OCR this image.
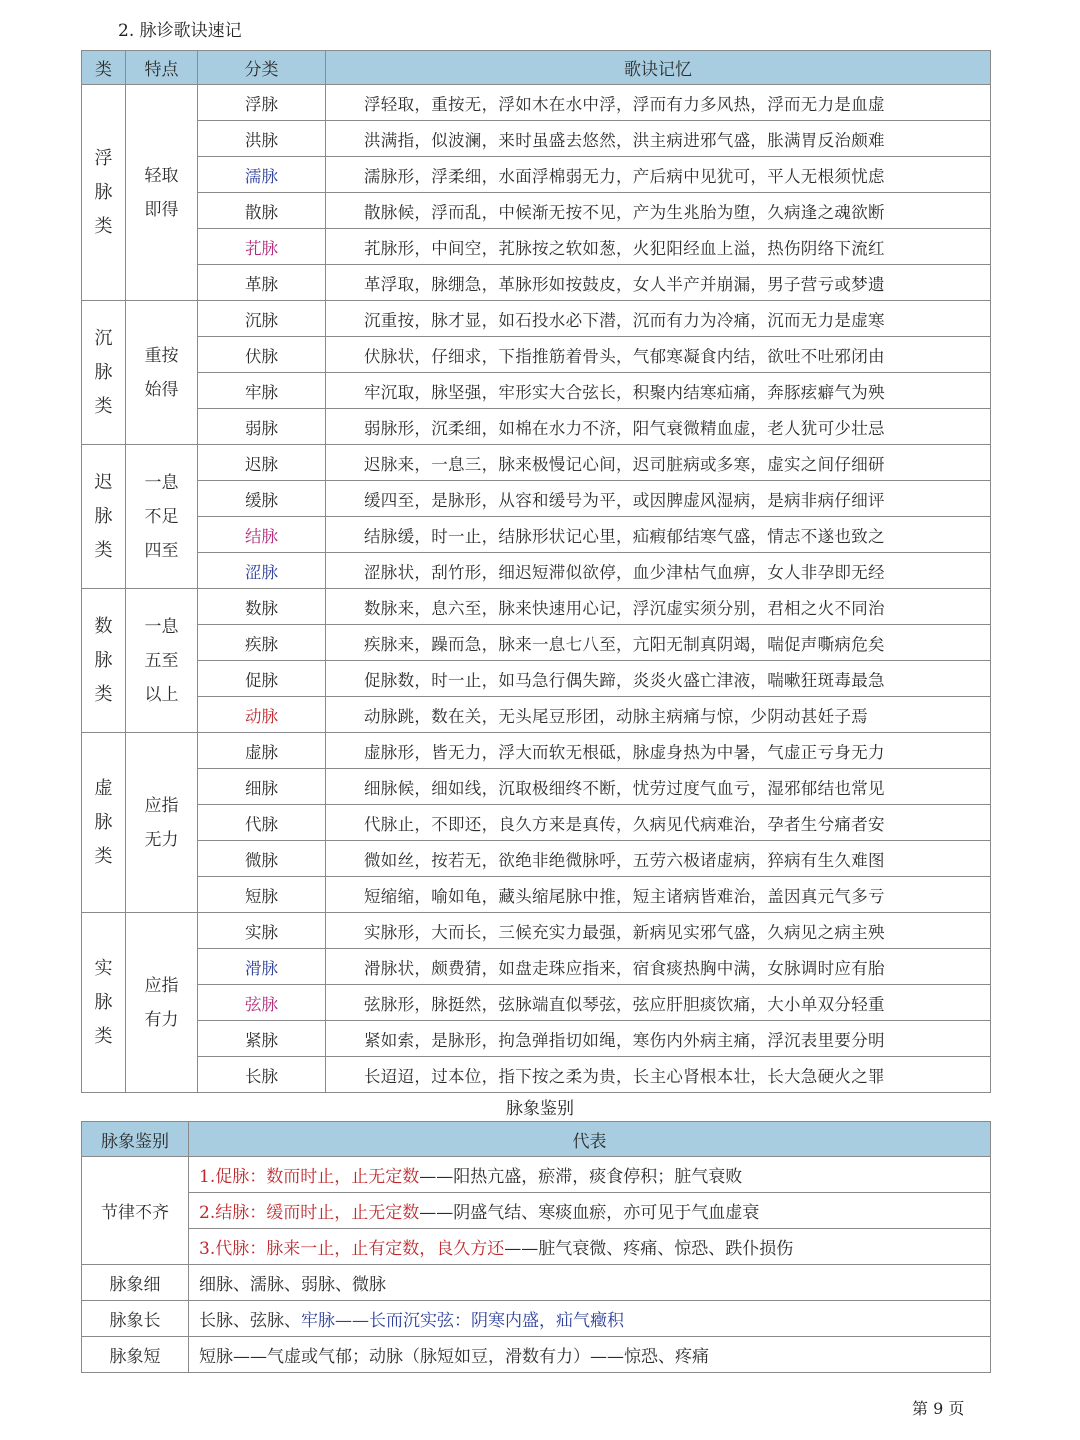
2. 脉诊歌诀速记
类	特点	分类	歌诀记忆
浮脉类	轻取即得	浮脉	浮轻取，重按无，浮如木在水中浮，浮而有力多风热，浮而无力是血虚
		洪脉	洪满指，似波澜，来时虽盛去悠然，洪主病进邪气盛，胀满胃反治颇难
		濡脉	濡脉形，浮柔细，水面浮棉弱无力，产后病中见犹可，平人无根须忧虑
		散脉	散脉候，浮而乱，中候渐无按不见，产为生兆胎为堕，久病逢之魂欲断
		芤脉	芤脉形，中间空，芤脉按之软如葱，火犯阳经血上溢，热伤阴络下流红
		革脉	革浮取，脉绷急，革脉形如按鼓皮，女人半产并崩漏，男子营亏或梦遗
沉脉类	重按始得	沉脉	沉重按，脉才显，如石投水必下潜，沉而有力为冷痛，沉而无力是虚寒
		伏脉	伏脉状，仔细求，下指推筋着骨头，气郁寒凝食内结，欲吐不吐邪闭由
		牢脉	牢沉取，脉坚强，牢形实大合弦长，积聚内结寒疝痛，奔豚痃癖气为殃
		弱脉	弱脉形，沉柔细，如棉在水力不济，阳气衰微精血虚，老人犹可少壮忌
迟脉类	一息不足四至	迟脉	迟脉来，一息三，脉来极慢记心间，迟司脏病或多寒，虚实之间仔细研
		缓脉	缓四至，是脉形，从容和缓号为平，或因脾虚风湿病，是病非病仔细评
		结脉	结脉缓，时一止，结脉形状记心里，疝瘕郁结寒气盛，情志不遂也致之
		涩脉	涩脉状，刮竹形，细迟短滞似欲停，血少津枯气血痹，女人非孕即无经
数脉类	一息五至以上	数脉	数脉来，息六至，脉来快速用心记，浮沉虚实须分别，君相之火不同治
		疾脉	疾脉来，躁而急，脉来一息七八至，亢阳无制真阴竭，喘促声嘶病危矣
		促脉	促脉数，时一止，如马急行偶失蹄，炎炎火盛亡津液，喘嗽狂斑毒最急
		动脉	动脉跳，数在关，无头尾豆形团，动脉主病痛与惊，少阴动甚妊子焉
虚脉类	应指无力	虚脉	虚脉形，皆无力，浮大而软无根砥，脉虚身热为中暑，气虚正亏身无力
		细脉	细脉候，细如线，沉取极细终不断，忧劳过度气血亏，湿邪郁结也常见
		代脉	代脉止，不即还，良久方来是真传，久病见代病难治，孕者生兮痛者安
		微脉	微如丝，按若无，欲绝非绝微脉呼，五劳六极诸虚病，猝病有生久难图
		短脉	短缩缩，喻如龟，藏头缩尾脉中推，短主诸病皆难治，盖因真元气多亏
实脉类	应指有力	实脉	实脉形，大而长，三候充实力最强，新病见实邪气盛，久病见之病主殃
		滑脉	滑脉状，颇费猜，如盘走珠应指来，宿食痰热胸中满，女脉调时应有胎
		弦脉	弦脉形，脉挺然，弦脉端直似琴弦，弦应肝胆痰饮痛，大小单双分轻重
		紧脉	紧如索，是脉形，拘急弹指切如绳，寒伤内外病主痛，浮沉表里要分明
		长脉	长迢迢，过本位，指下按之柔为贵，长主心肾根本壮，长大急硬火之罪
脉象鉴别
脉象鉴别	代表
节律不齐	1.促脉：数而时止，止无定数——阳热亢盛，瘀滞，痰食停积；脏气衰败
	2.结脉：缓而时止，止无定数——阴盛气结、寒痰血瘀，亦可见于气血虚衰
	3.代脉：脉来一止，止有定数，良久方还——脏气衰微、疼痛、惊恐、跌仆损伤
脉象细	细脉、濡脉、弱脉、微脉
脉象长	长脉、弦脉、牢脉——长而沉实弦：阴寒内盛，疝气癥积
脉象短	短脉——气虚或气郁；动脉（脉短如豆，滑数有力）——惊恐、疼痛
第 9 页
